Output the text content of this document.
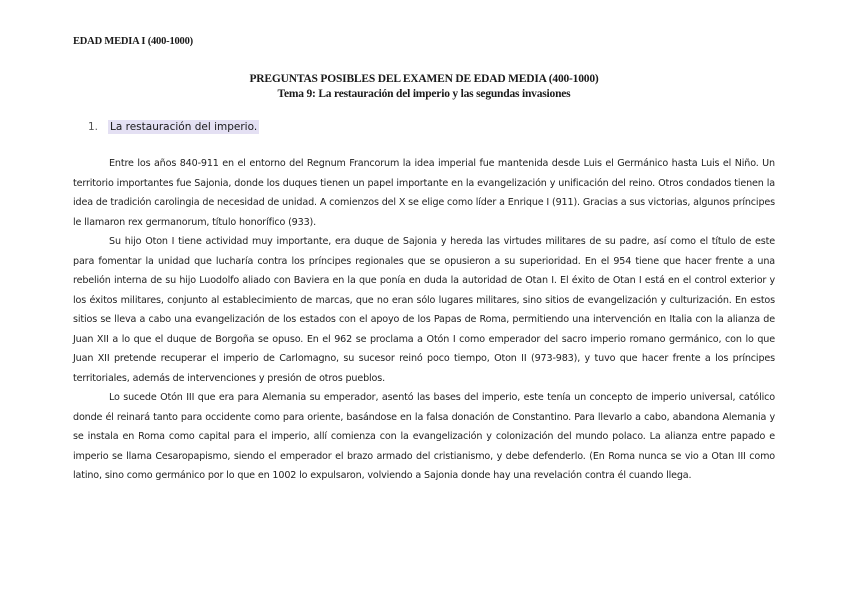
EDAD MEDIA I (400-1000)
PREGUNTAS POSIBLES DEL EXAMEN DE EDAD MEDIA (400-1000)
Tema 9: La restauración del imperio y las segundas invasiones
1.	La restauración del imperio.

Entre los años 840-911 en el entorno del Regnum Francorum la idea imperial fue mantenida desde Luis el Germánico hasta Luis el Niño. Un territorio importantes fue Sajonia, donde los duques tienen un papel importante en la evangelización y unificación del reino. Otros condados tienen la idea de tradición carolingia de necesidad de unidad. A comienzos del X se elige como líder a Enrique I (911). Gracias a sus victorias, algunos príncipes le llamaron rex germanorum, título honorífico (933).

Su hijo Oton I tiene actividad muy importante, era duque de Sajonia y hereda las virtudes militares de su padre, así como el título de este para fomentar la unidad que lucharía contra los príncipes regionales que se opusieron a su superioridad. En el 954 tiene que hacer frente a una rebelión interna de su hijo Luodolfo aliado con Baviera en la que ponía en duda la autoridad de Otan I. El éxito de Otan I está en el control exterior y los éxitos militares, conjunto al establecimiento de marcas, que no eran sólo lugares militares, sino sitios de evangelización y culturización. En estos sitios se lleva a cabo una evangelización de los estados con el apoyo de los Papas de Roma, permitiendo una intervención en Italia con la alianza de Juan XII a lo que el duque de Borgoña se opuso. En el 962 se proclama a Otón I como emperador del sacro imperio romano germánico, con lo que Juan XII pretende recuperar el imperio de Carlomagno, su sucesor reinó poco tiempo, Oton II (973-983), y tuvo que hacer frente a los príncipes territoriales, además de intervenciones y presión de otros pueblos.

Lo sucede Otón III que era para Alemania su emperador, asentó las bases del imperio, este tenía un concepto de imperio universal, católico donde él reinará tanto para occidente como para oriente, basándose en la falsa donación de Constantino. Para llevarlo a cabo, abandona Alemania y se instala en Roma como capital para el imperio, allí comienza con la evangelización y colonización del mundo polaco. La alianza entre papado e imperio se llama Cesaropapismo, siendo el emperador el brazo armado del cristianismo, y debe defenderlo. (En Roma nunca se vio a Otan III como latino, sino como germánico por lo que en 1002 lo expulsaron, volviendo a Sajonia donde hay una revelación contra él cuando llega.
